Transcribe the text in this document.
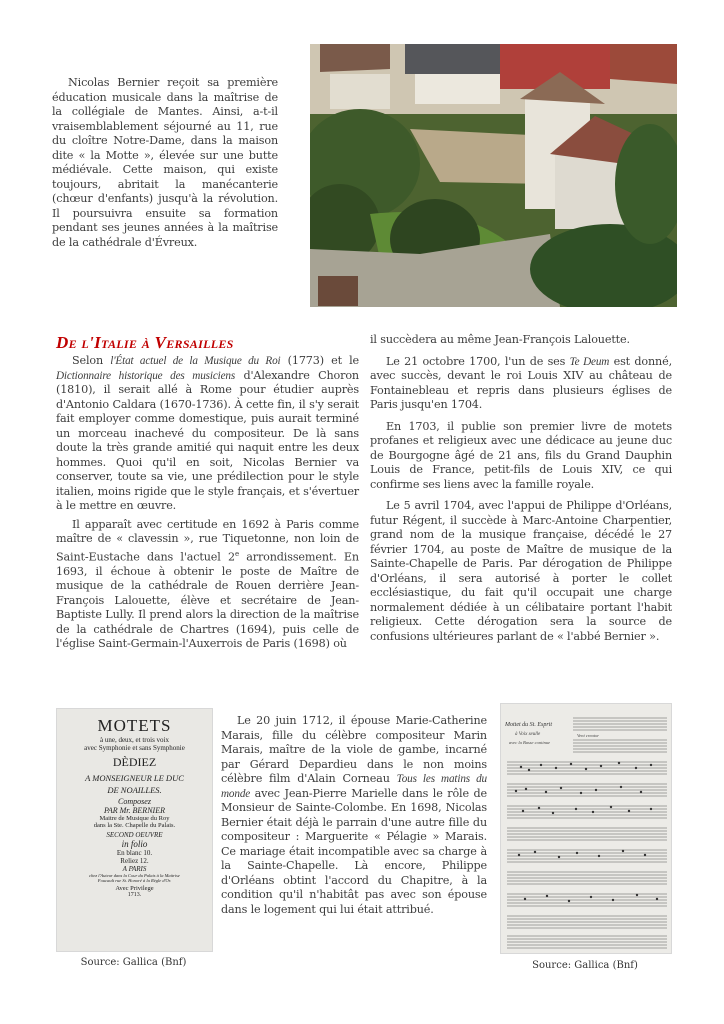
Nicolas Bernier reçoit sa première éducation musicale dans la maîtrise de la collégiale de Mantes. Ainsi, a-t-il vraisemblablement séjourné au 11, rue du cloître Notre-Dame, dans la maison dite « la Motte », élevée sur une butte médiévale. Cette maison, qui existe toujours, abritait la manécanterie (chœur d'enfants) jusqu'à la révolution. Il poursuivra ensuite sa formation pendant ses jeunes années à la maîtrise de la cathédrale d'Évreux.

De l'Italie à Versailles

Selon l'État actuel de la Musique du Roi (1773) et le Dictionnaire historique des musiciens d'Alexandre Choron (1810), il serait allé à Rome pour étudier auprès d'Antonio Caldara (1670-1736). À cette fin, il s'y serait fait employer comme domestique, puis aurait terminé un morceau inachevé du compositeur. De là sans doute la très grande amitié qui naquit entre les deux hommes. Quoi qu'il en soit, Nicolas Bernier va conserver, toute sa vie, une prédilection pour le style italien, moins rigide que le style français, et s'évertuer à le mettre en œuvre.

Il apparaît avec certitude en 1692 à Paris comme maître de « clavessin », rue Tiquetonne, non loin de Saint-Eustache dans l'actuel 2e arrondissement. En 1693, il échoue à obtenir le poste de Maître de musique de la cathédrale de Rouen derrière Jean-François Lalouette, élève et secrétaire de Jean-Baptiste Lully. Il prend alors la direction de la maîtrise de la cathédrale de Chartres (1694), puis celle de l'église Saint-Germain-l'Auxerrois de Paris (1698) où

il succèdera au même Jean-François Lalouette.

Le 21 octobre 1700, l'un de ses Te Deum est donné, avec succès, devant le roi Louis XIV au château de Fontainebleau et repris dans plusieurs églises de Paris jusqu'en 1704.

En 1703, il publie son premier livre de motets profanes et religieux avec une dédicace au jeune duc de Bourgogne âgé de 21 ans, fils du Grand Dauphin Louis de France, petit-fils de Louis XIV, ce qui confirme ses liens avec la famille royale.

Le 5 avril 1704, avec l'appui de Philippe d'Orléans, futur Régent, il succède à Marc-Antoine Charpentier, grand nom de la musique française, décédé le 27 février 1704, au poste de Maître de musique de la Sainte-Chapelle de Paris. Par dérogation de Philippe d'Orléans, il sera autorisé à porter le collet ecclésiastique, du fait qu'il occupait une charge normalement dédiée à un célibataire portant l'habit religieux. Cette dérogation sera la source de confusions ultérieures parlant de « l'abbé Bernier ».

MOTETS
à une, deux, et trois voix
avec Symphonie et sans Symphonie
DÈDIEZ
A MONSEIGNEUR LE DUC
DE NOAILLES.
Composez
PAR Mr. BERNIER
Maitre de Musique du Roy
dans la Ste. Chapelle du Palais.
SECOND OEUVRE
in folio
En blanc 10.
Reliez 12.
A PARIS
chez l'Auteur dans la Cour du Palais à la Maitrise
Foucault rue St. Honoré à la Règle d'Or.
Avec Privilege
1713.
Source: Gallica (Bnf)

Le 20 juin 1712, il épouse Marie-Catherine Marais, fille du célèbre compositeur Marin Marais, maître de la viole de gambe, incarné par Gérard Depardieu dans le non moins célèbre film d'Alain Corneau Tous les matins du monde avec Jean-Pierre Marielle dans le rôle de Monsieur de Sainte-Colombe. En 1698, Nicolas Bernier était déjà le parrain d'une autre fille du compositeur : Marguerite « Pélagie » Marais. Ce mariage était incompatible avec sa charge à la Sainte-Chapelle. Là encore, Philippe d'Orléans obtint l'accord du Chapitre, à la condition qu'il n'habitât pas avec son épouse dans le logement qui lui était attribué.

Mottet du St. Esprit
à Voix seulle
avec la Basse continue
Veni creator
Source: Gallica (Bnf)
